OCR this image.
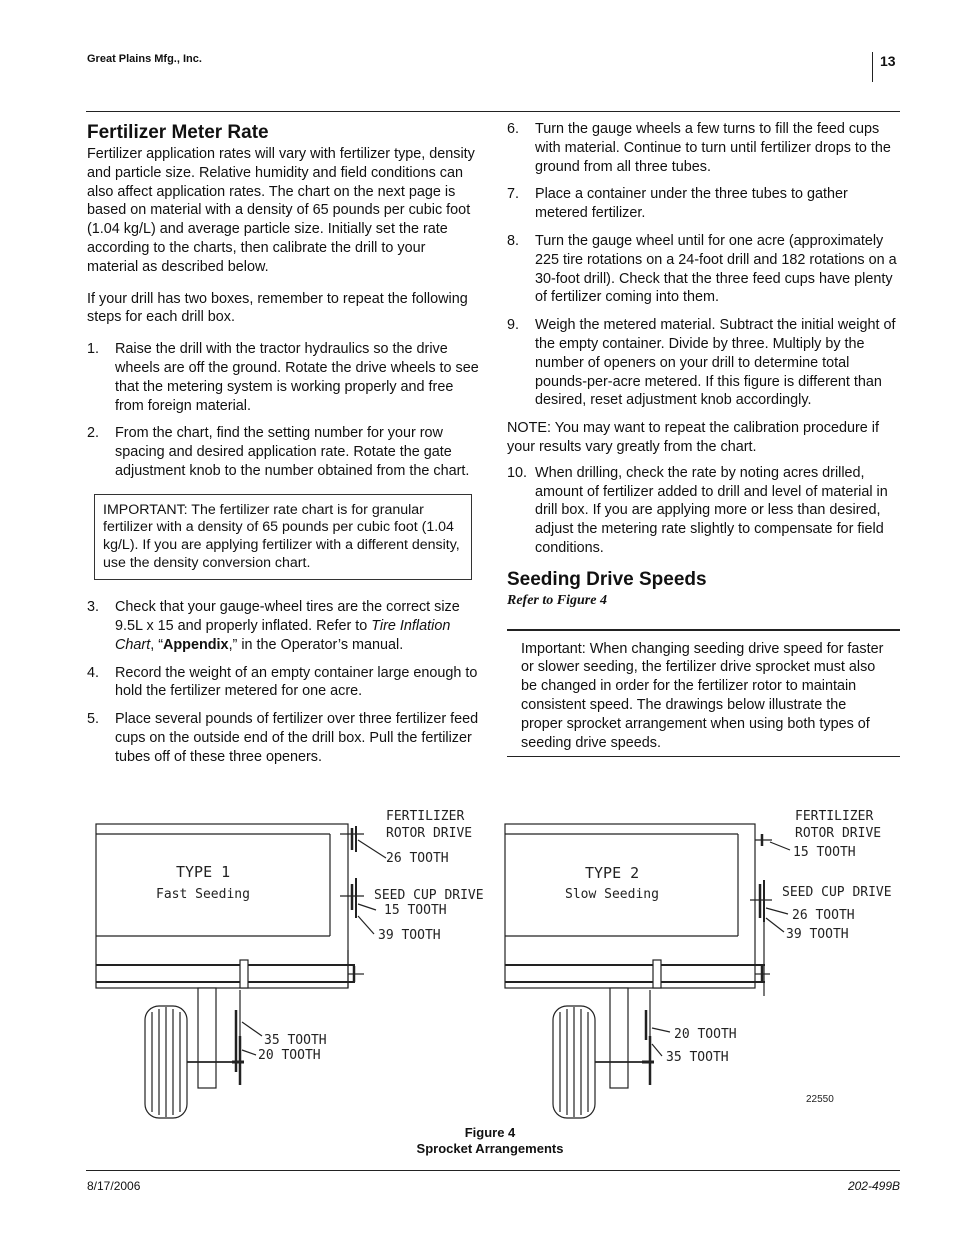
Great Plains Mfg., Inc.	13
Fertilizer Meter Rate

Fertilizer application rates will vary with fertilizer type, density and particle size. Relative humidity and field conditions can also affect application rates. The chart on the next page is based on material with a density of 65 pounds per cubic foot (1.04 kg/L) and average particle size. Initially set the rate according to the charts, then calibrate the drill to your material as described below.

If your drill has two boxes, remember to repeat the following steps for each drill box.

1. Raise the drill with the tractor hydraulics so the drive wheels are off the ground. Rotate the drive wheels to see that the metering system is working properly and free from foreign material.
2. From the chart, find the setting number for your row spacing and desired application rate. Rotate the gate adjustment knob to the number obtained from the chart.
IMPORTANT: The fertilizer rate chart is for granular fertilizer with a density of 65 pounds per cubic foot (1.04 kg/L). If you are applying fertilizer with a different density, use the density conversion chart.
3. Check that your gauge-wheel tires are the correct size 9.5L x 15 and properly inflated. Refer to Tire Inflation Chart, “Appendix,” in the Operator’s manual.
4. Record the weight of an empty container large enough to hold the fertilizer metered for one acre.
5. Place several pounds of fertilizer over three fertilizer feed cups on the outside end of the drill box. Pull the fertilizer tubes off of these three openers.
6. Turn the gauge wheels a few turns to fill the feed cups with material. Continue to turn until fertilizer drops to the ground from all three tubes.
7. Place a container under the three tubes to gather metered fertilizer.
8. Turn the gauge wheel until for one acre (approximately 225 tire rotations on a 24-foot drill and 182 rotations on a 30-foot drill). Check that the three feed cups have plenty of fertilizer coming into them.
9. Weigh the metered material. Subtract the initial weight of the empty container. Divide by three. Multiply by the number of openers on your drill to determine total pounds-per-acre metered. If this figure is different than desired, reset adjustment knob accordingly.

NOTE: You may want to repeat the calibration procedure if your results vary greatly from the chart.

10. When drilling, check the rate by noting acres drilled, amount of fertilizer added to drill and level of material in drill box. If you are applying more or less than desired, adjust the metering rate slightly to compensate for field conditions.
Seeding Drive Speeds
Refer to Figure 4
Important: When changing seeding drive speed for faster or slower seeding, the fertilizer drive sprocket must also be changed in order for the fertilizer rotor to maintain consistent speed. The drawings below illustrate the proper sprocket arrangement when using both types of seeding drive speeds.
TYPE 1
Fast Seeding
FERTILIZER
ROTOR DRIVE
26 TOOTH
SEED CUP DRIVE
15 TOOTH
39 TOOTH
35 TOOTH
20 TOOTH
TYPE 2
Slow Seeding
FERTILIZER
ROTOR DRIVE
15 TOOTH
SEED CUP DRIVE
26 TOOTH
39 TOOTH
20 TOOTH
35 TOOTH
22550
Figure 4
Sprocket Arrangements
8/17/2006	202-499B
